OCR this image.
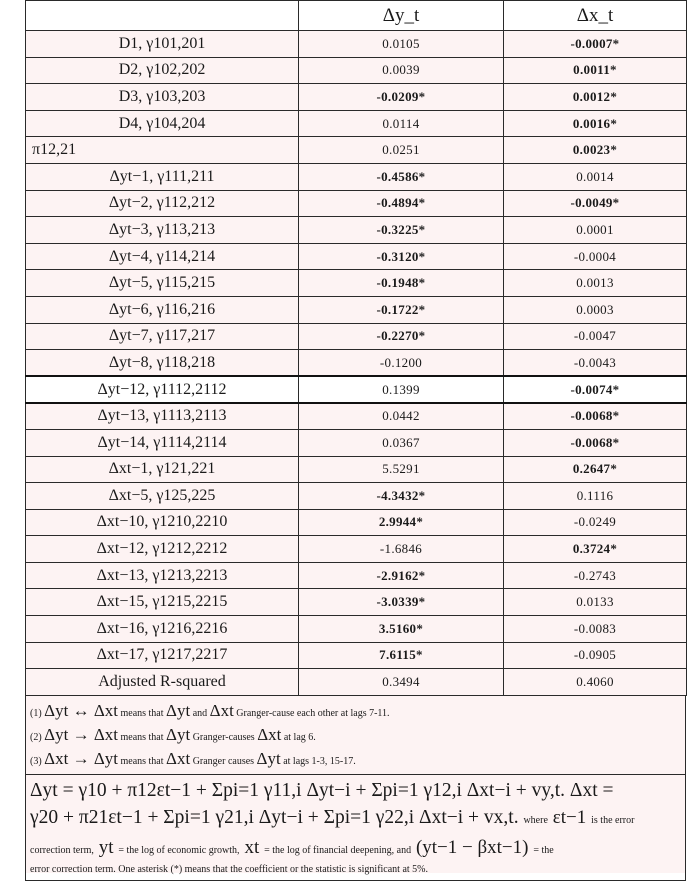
	Δy_t	Δx_t
D1, γ101,201	0.0105	-0.0007*
D2, γ102,202	0.0039	0.0011*
D3, γ103,203	-0.0209*	0.0012*
D4, γ104,204	0.0114	0.0016*
π12,21	0.0251	0.0023*
Δyt−1, γ111,211	-0.4586*	0.0014
Δyt−2, γ112,212	-0.4894*	-0.0049*
Δyt−3, γ113,213	-0.3225*	0.0001
Δyt−4, γ114,214	-0.3120*	-0.0004
Δyt−5, γ115,215	-0.1948*	0.0013
Δyt−6, γ116,216	-0.1722*	0.0003
Δyt−7, γ117,217	-0.2270*	-0.0047
Δyt−8, γ118,218	-0.1200	-0.0043
Δyt−12, γ1112,2112	0.1399	-0.0074*
Δyt−13, γ1113,2113	0.0442	-0.0068*
Δyt−14, γ1114,2114	0.0367	-0.0068*
Δxt−1, γ121,221	5.5291	0.2647*
Δxt−5, γ125,225	-4.3432*	0.1116
Δxt−10, γ1210,2210	2.9944*	-0.0249
Δxt−12, γ1212,2212	-1.6846	0.3724*
Δxt−13, γ1213,2213	-2.9162*	-0.2743
Δxt−15, γ1215,2215	-3.0339*	0.0133
Δxt−16, γ1216,2216	3.5160*	-0.0083
Δxt−17, γ1217,2217	7.6115*	-0.0905
Adjusted R-squared	0.3494	0.4060
(1) Δyt ↔ Δxt means that Δyt and Δxt Granger-cause each other at lags 7-11.
(2) Δyt → Δxt means that Δyt Granger-causes Δxt at lag 6.
(3) Δxt → Δyt means that Δxt Granger causes Δyt at lags 1-3, 15-17.
Δyt = γ10 + π12εt−1 + Σpi=1 γ11,i Δyt−i + Σpi=1 γ12,i Δxt−i + vy,t. Δxt =
γ20 + π21εt−1 + Σpi=1 γ21,i Δyt−i + Σpi=1 γ22,i Δxt−i + vx,t. where εt−1 is the error
correction term, yt = the log of economic growth, xt = the log of financial deepening, and (yt−1 − βxt−1) = the
error correction term. One asterisk (*) means that the coefficient or the statistic is significant at 5%.
